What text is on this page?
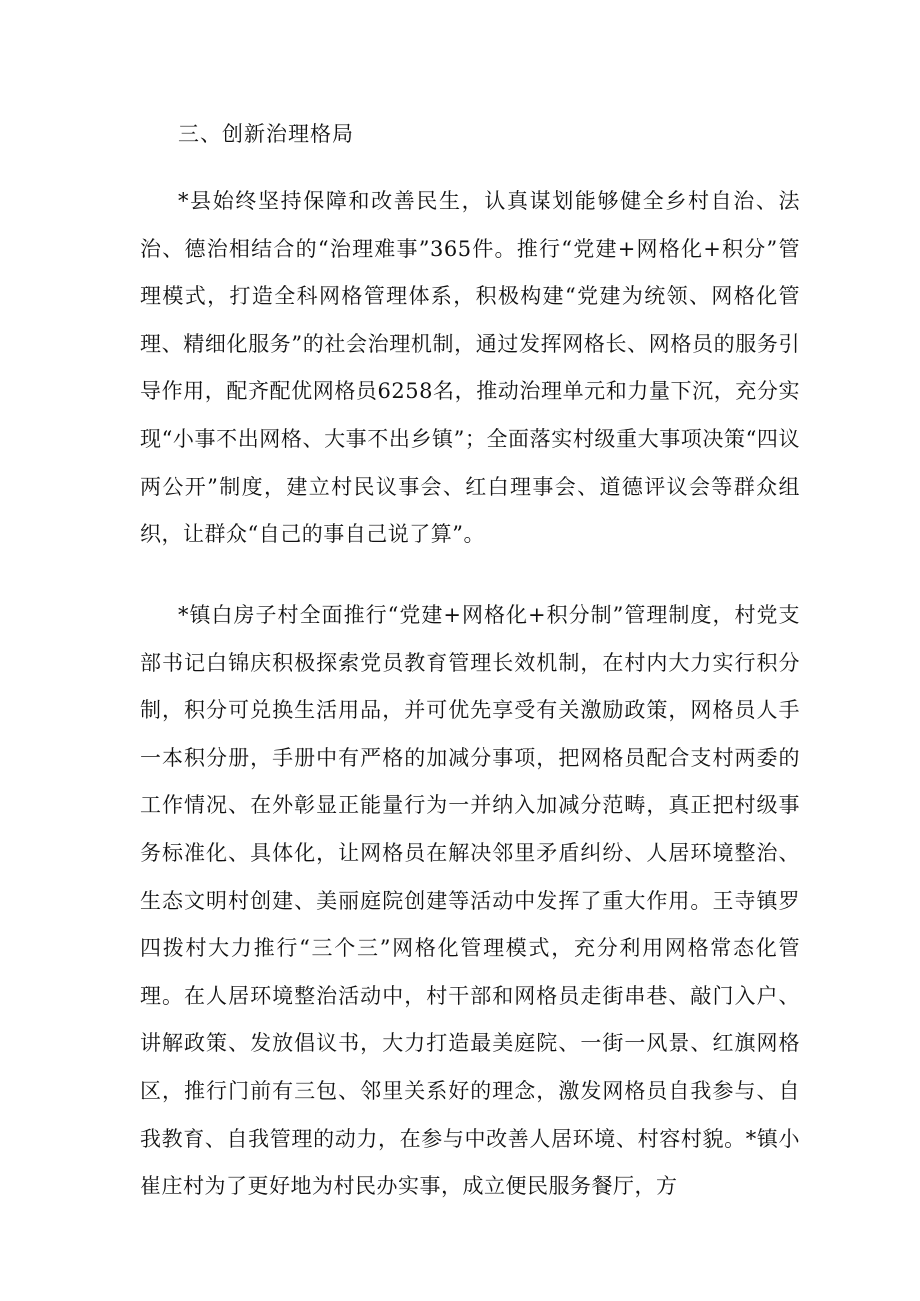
三、创新治理格局

*县始终坚持保障和改善民生，认真谋划能够健全乡村自治、法治、德治相结合的“治理难事”365件。推行“党建+网格化+积分”管理模式，打造全科网格管理体系，积极构建“党建为统领、网格化管理、精细化服务”的社会治理机制，通过发挥网格长、网格员的服务引导作用，配齐配优网格员6258名，推动治理单元和力量下沉，充分实现“小事不出网格、大事不出乡镇”；全面落实村级重大事项决策“四议两公开”制度，建立村民议事会、红白理事会、道德评议会等群众组织，让群众“自己的事自己说了算”。

*镇白房子村全面推行“党建+网格化+积分制”管理制度，村党支部书记白锦庆积极探索党员教育管理长效机制，在村内大力实行积分制，积分可兑换生活用品，并可优先享受有关激励政策，网格员人手一本积分册，手册中有严格的加减分事项，把网格员配合支村两委的工作情况、在外彰显正能量行为一并纳入加减分范畴，真正把村级事务标准化、具体化，让网格员在解决邻里矛盾纠纷、人居环境整治、生态文明村创建、美丽庭院创建等活动中发挥了重大作用。王寺镇罗四拨村大力推行“三个三”网格化管理模式，充分利用网格常态化管理。在人居环境整治活动中，村干部和网格员走街串巷、敲门入户、讲解政策、发放倡议书，大力打造最美庭院、一街一风景、红旗网格区，推行门前有三包、邻里关系好的理念，激发网格员自我参与、自我教育、自我管理的动力，在参与中改善人居环境、村容村貌。*镇小崔庄村为了更好地为村民办实事，成立便民服务餐厅，方
